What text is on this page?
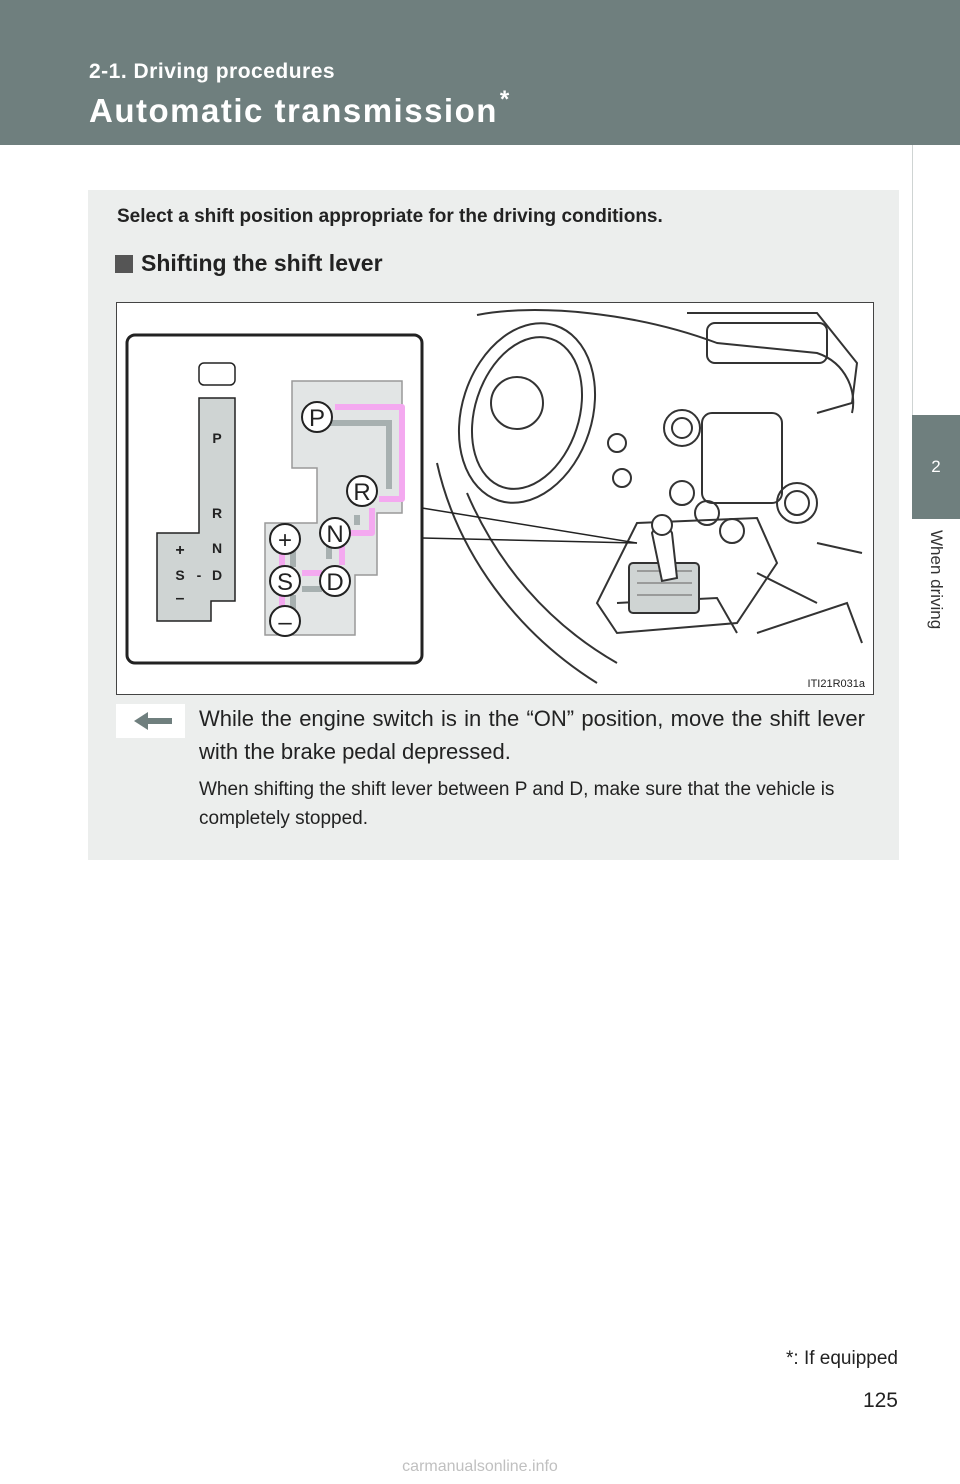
2-1. Driving procedures
Automatic transmission*
2
When driving
Select a shift position appropriate for the driving conditions.
Shifting the shift lever
P
R
N
D
S -
+
–
P
R
N
D
S
+
–
ITI21R031a
While the engine switch is in the “ON” position, move the shift lever with the brake pedal depressed.
When shifting the shift lever between P and D, make sure that the vehicle is completely stopped.
*: If equipped
125
carmanualsonline.info
